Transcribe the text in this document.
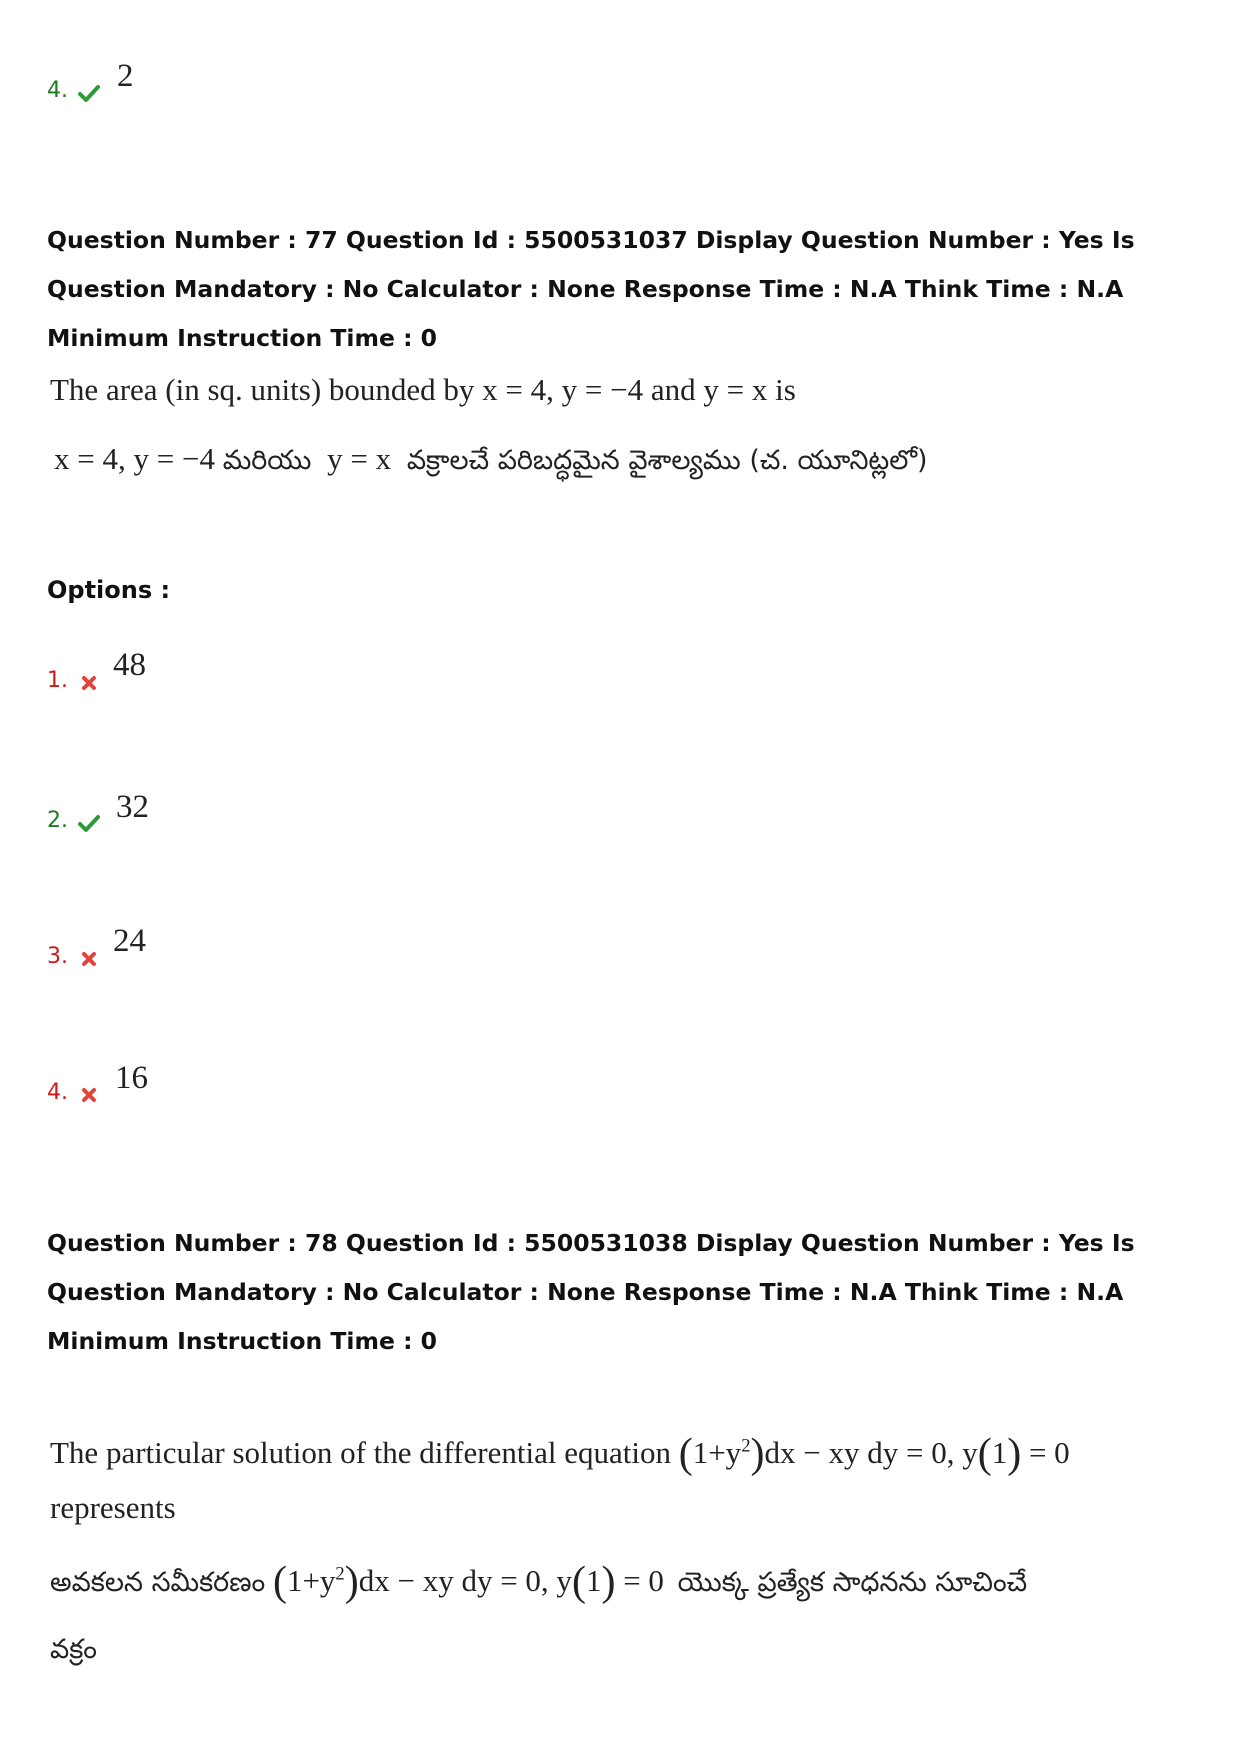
4.	2
Question Number : 77 Question Id : 5500531037 Display Question Number : Yes Is Question Mandatory : No Calculator : None Response Time : N.A Think Time : N.A Minimum Instruction Time : 0
The area (in sq. units) bounded by x = 4, y = −4 and y = x is
x = 4, y = −4 మరియు y = x వక్రాలచే పరిబద్ధమైన వైశాల్యము (చ. యూనిట్లలో)
Options :
1.	48
2.	32
3.	24
4.	16
Question Number : 78 Question Id : 5500531038 Display Question Number : Yes Is Question Mandatory : No Calculator : None Response Time : N.A Think Time : N.A Minimum Instruction Time : 0
The particular solution of the differential equation $(1+y^2)dx$ − xy dy = 0, y(1) = 0
represents
అవకలన సమీకరణం $(1+y^2)dx$ − xy dy = 0, y(1) = 0 యొక్క ప్రత్యేక సాధనను సూచించే
వక్రం
